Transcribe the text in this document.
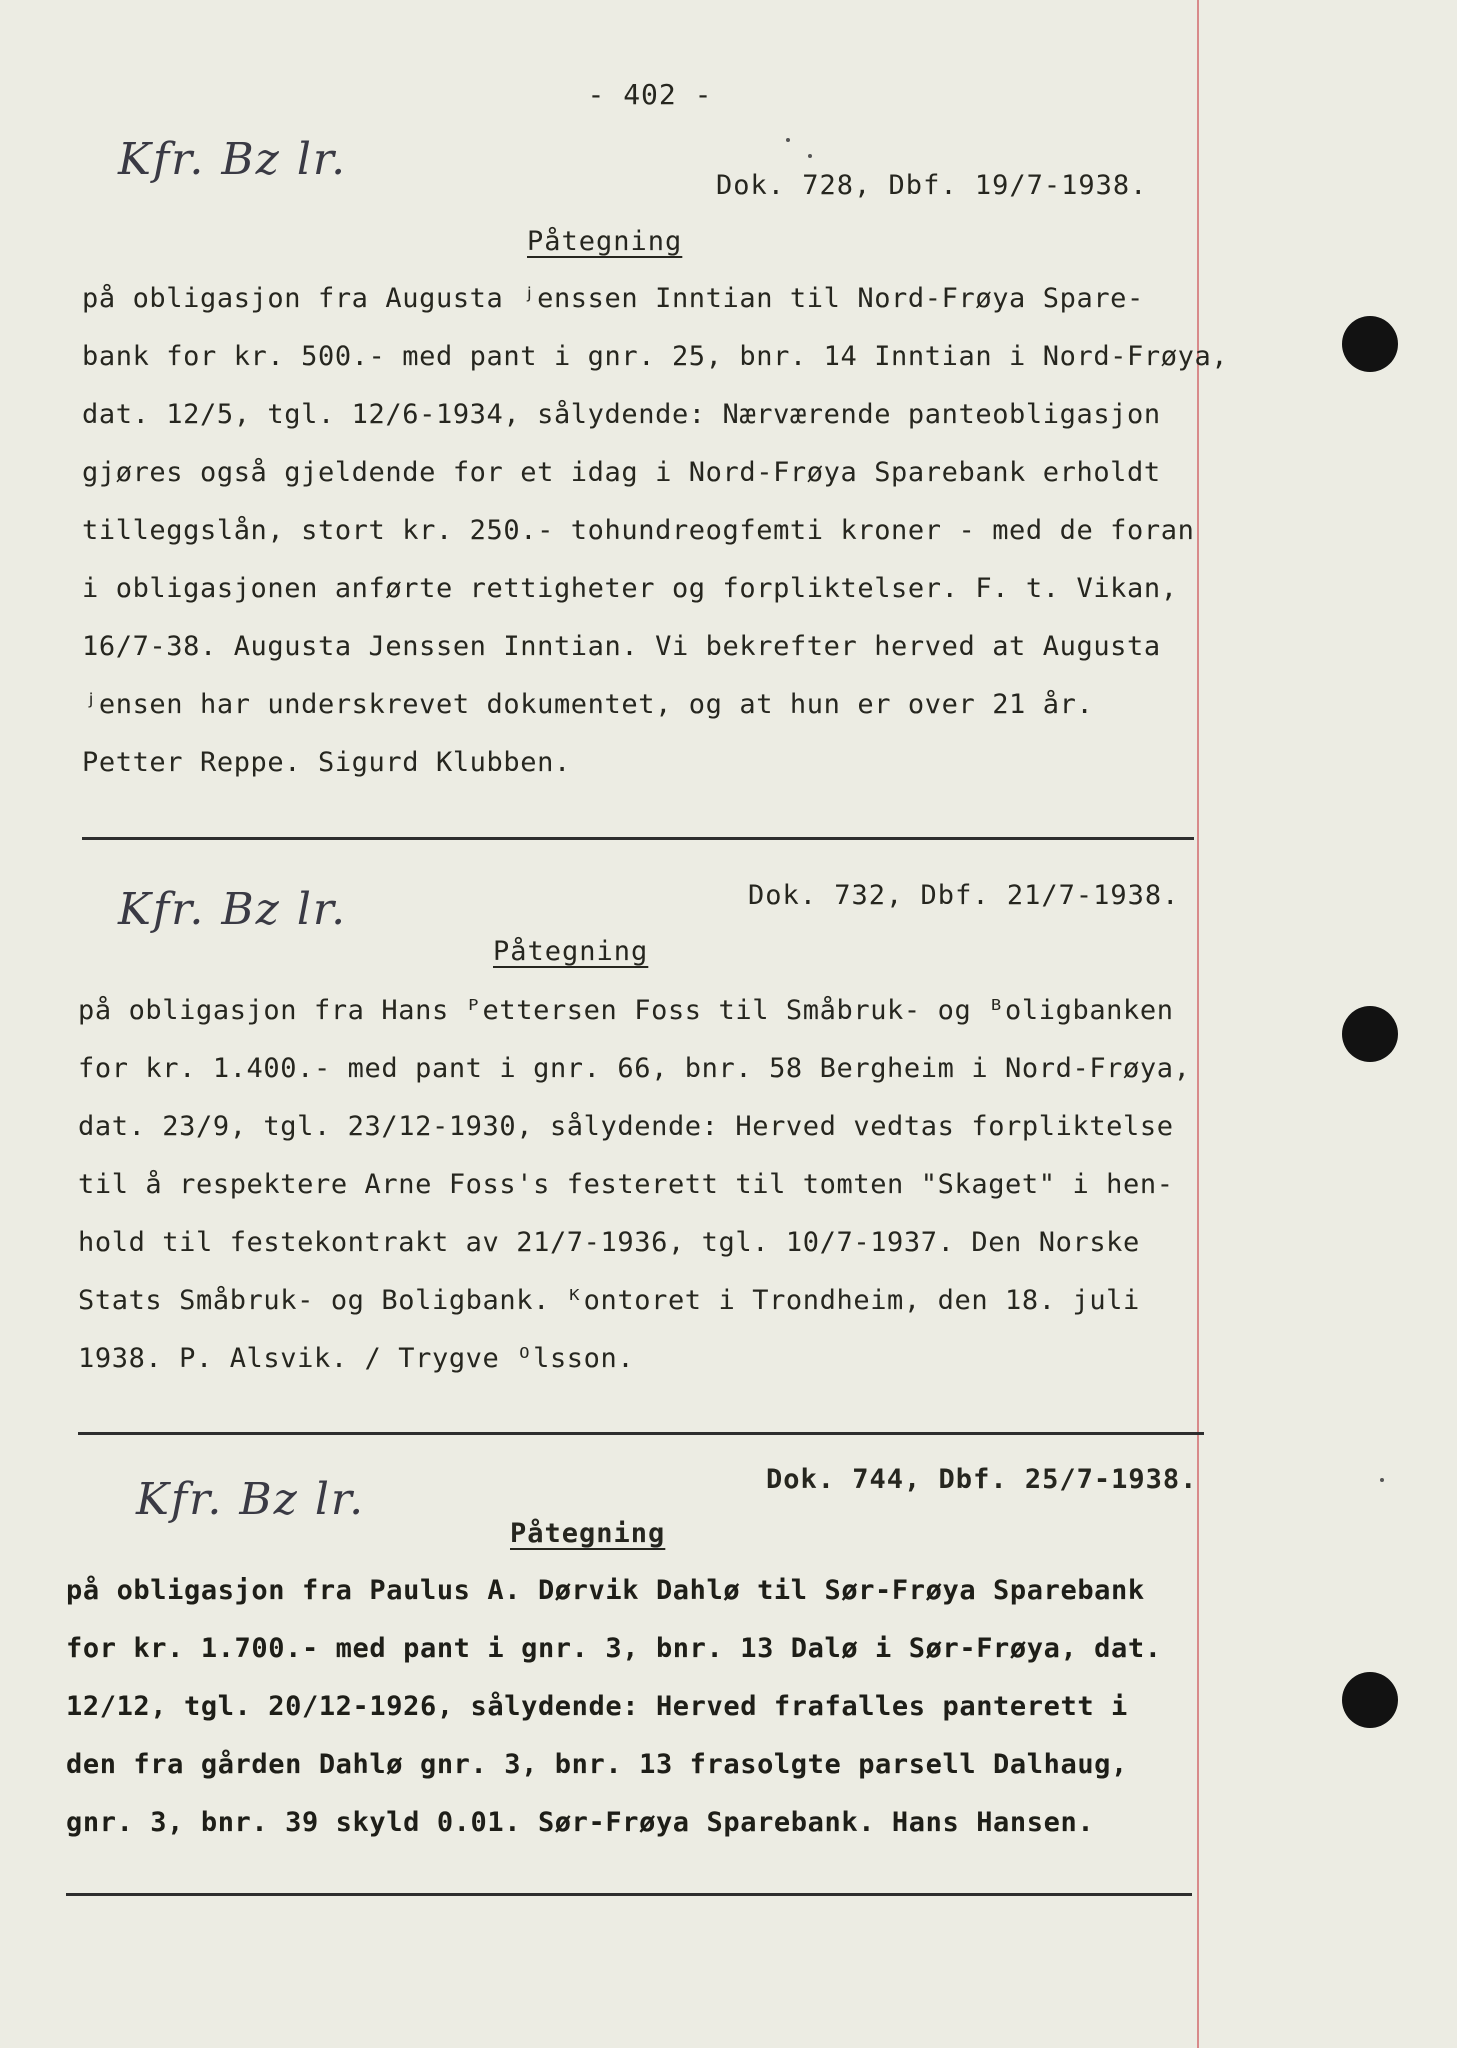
- 402 -
Kfr. Bz lr.
Dok. 728, Dbf. 19/7-1938.
Påtegning
på obligasjon fra Augusta ʲenssen Inntian til Nord-Frøya Spare-
bank for kr. 500.- med pant i gnr. 25, bnr. 14 Inntian i Nord-Frøya,
dat. 12/5, tgl. 12/6-1934, sålydende: Nærværende panteobligasjon
gjøres også gjeldende for et idag i Nord-Frøya Sparebank erholdt
tilleggslån, stort kr. 250.- tohundreogfemti kroner - med de foran
i obligasjonen anførte rettigheter og forpliktelser. F. t. Vikan,
16/7-38. Augusta Jenssen Inntian. Vi bekrefter herved at Augusta
ʲensen har underskrevet dokumentet, og at hun er over 21 år.
Petter Reppe. Sigurd Klubben.
Kfr. Bz lr.	Dok. 732, Dbf. 21/7-1938.
Påtegning
på obligasjon fra Hans ᴾettersen Foss til Småbruk- og ᴮoligbanken
for kr. 1.400.- med pant i gnr. 66, bnr. 58 Bergheim i Nord-Frøya,
dat. 23/9, tgl. 23/12-1930, sålydende: Herved vedtas forpliktelse
til å respektere Arne Foss's festerett til tomten "Skaget" i hen-
hold til festekontrakt av 21/7-1936, tgl. 10/7-1937. Den Norske
Stats Småbruk- og Boligbank. ᴷontoret i Trondheim, den 18. juli
1938. P. Alsvik. / Trygve ᴼlsson.
Kfr. Bz lr.	Dok. 744, Dbf. 25/7-1938.
Påtegning
på obligasjon fra Paulus A. Dørvik Dahlø til Sør-Frøya Sparebank
for kr. 1.700.- med pant i gnr. 3, bnr. 13 Dalø i Sør-Frøya, dat.
12/12, tgl. 20/12-1926, sålydende: Herved frafalles panterett i
den fra gården Dahlø gnr. 3, bnr. 13 frasolgte parsell Dalhaug,
gnr. 3, bnr. 39 skyld 0.01. Sør-Frøya Sparebank. Hans Hansen.
